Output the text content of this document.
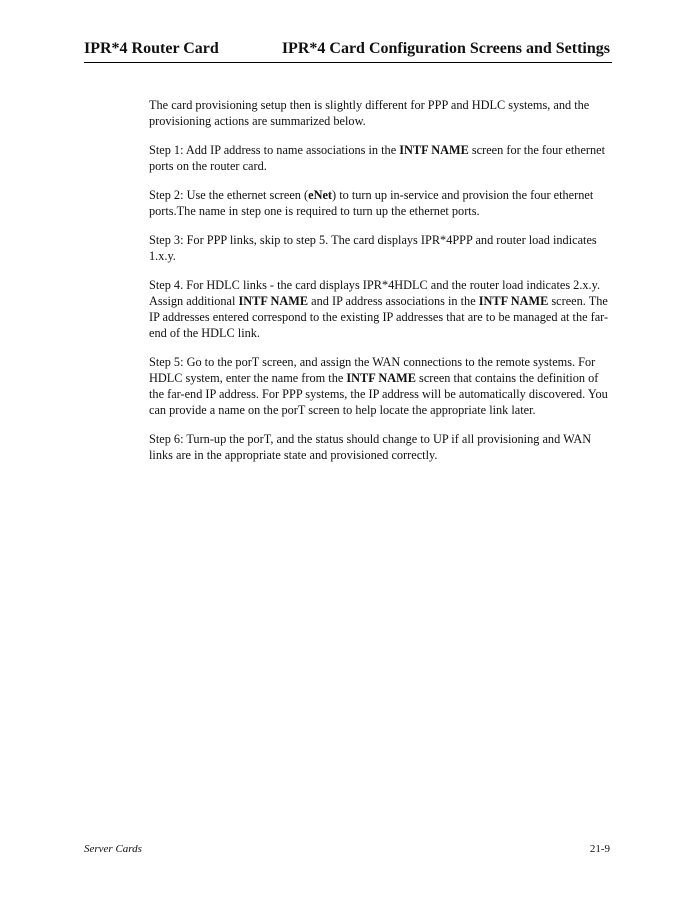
IPR*4 Router Card	IPR*4 Card Configuration Screens and Settings

The card provisioning setup then is slightly different for PPP and HDLC systems, and the provisioning actions are summarized below.

Step 1: Add IP address to name associations in the INTF NAME screen for the four ethernet ports on the router card.

Step 2: Use the ethernet screen (eNet) to turn up in-service and provision the four ethernet ports.The name in step one is required to turn up the ethernet ports.

Step 3: For PPP links, skip to step 5. The card displays IPR*4PPP and router load indicates 1.x.y.

Step 4. For HDLC links - the card displays IPR*4HDLC and the router load indicates 2.x.y. Assign additional INTF NAME and IP address associations in the INTF NAME screen. The IP addresses entered correspond to the existing IP addresses that are to be managed at the far-end of the HDLC link.

Step 5: Go to the porT screen, and assign the WAN connections to the remote systems. For HDLC system, enter the name from the INTF NAME screen that contains the definition of the far-end IP address. For PPP systems, the IP address will be automatically discovered. You can provide a name on the porT screen to help locate the appropriate link later.

Step 6: Turn-up the porT, and the status should change to UP if all provisioning and WAN links are in the appropriate state and provisioned correctly.

Server Cards	21-9
